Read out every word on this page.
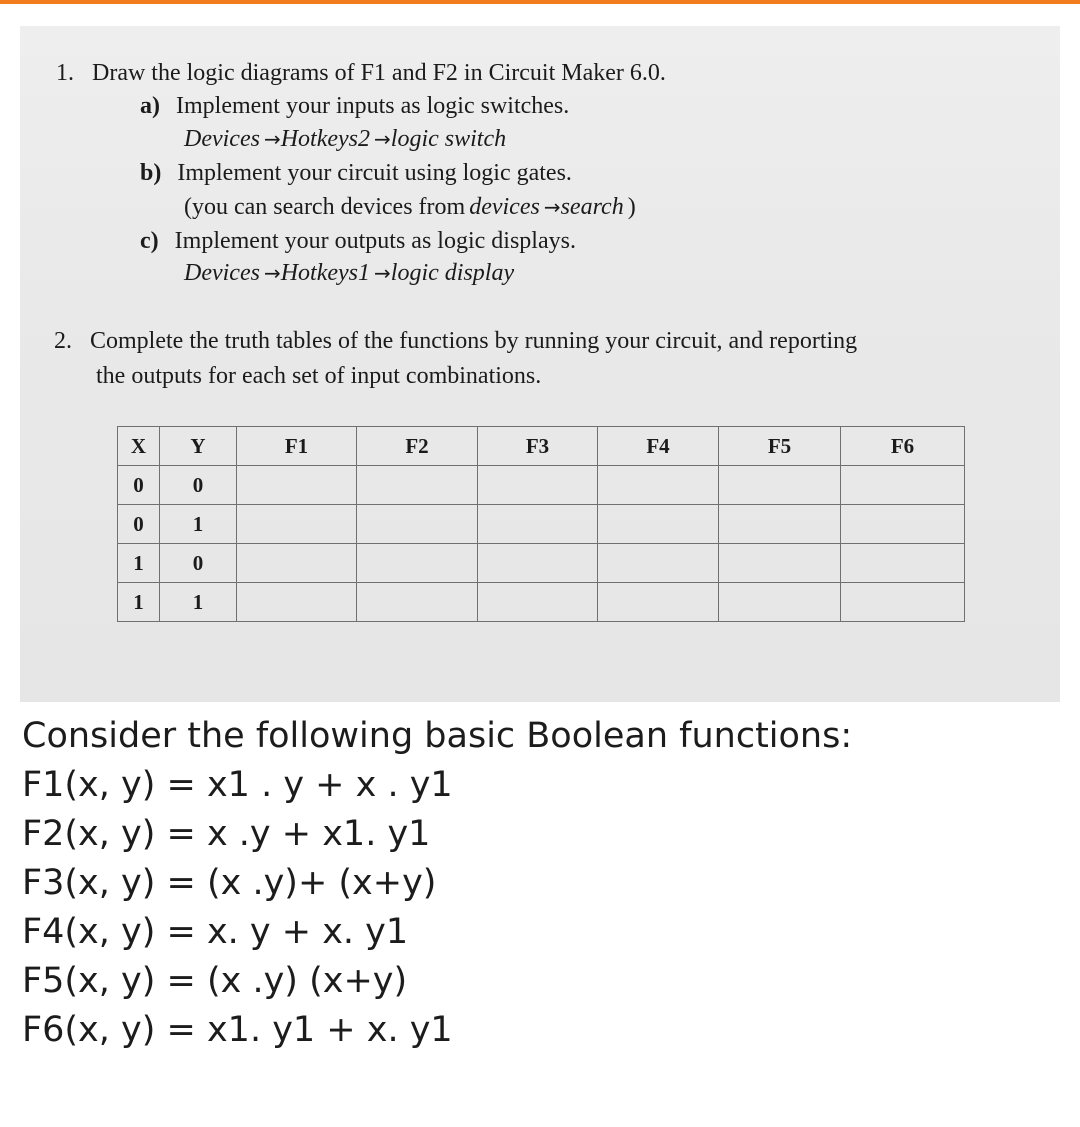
1. Draw the logic diagrams of F1 and F2 in Circuit Maker 6.0.
a) Implement your inputs as logic switches.
Devices →Hotkeys2 →logic switch
b) Implement your circuit using logic gates.
(you can search devices from devices →search )
c) Implement your outputs as logic displays.
Devices →Hotkeys1 →logic display
2. Complete the truth tables of the functions by running your circuit, and reporting
the outputs for each set of input combinations.
X	Y	F1	F2	F3	F4	F5	F6
0	0						
0	1						
1	0						
1	1						
Consider the following basic Boolean functions:
F1(x, y) = x1 . y + x . y1
F2(x, y) = x .y + x1. y1
F3(x, y) = (x .y)+ (x+y)
F4(x, y) = x. y + x. y1
F5(x, y) = (x .y) (x+y)
F6(x, y) = x1. y1 + x. y1
